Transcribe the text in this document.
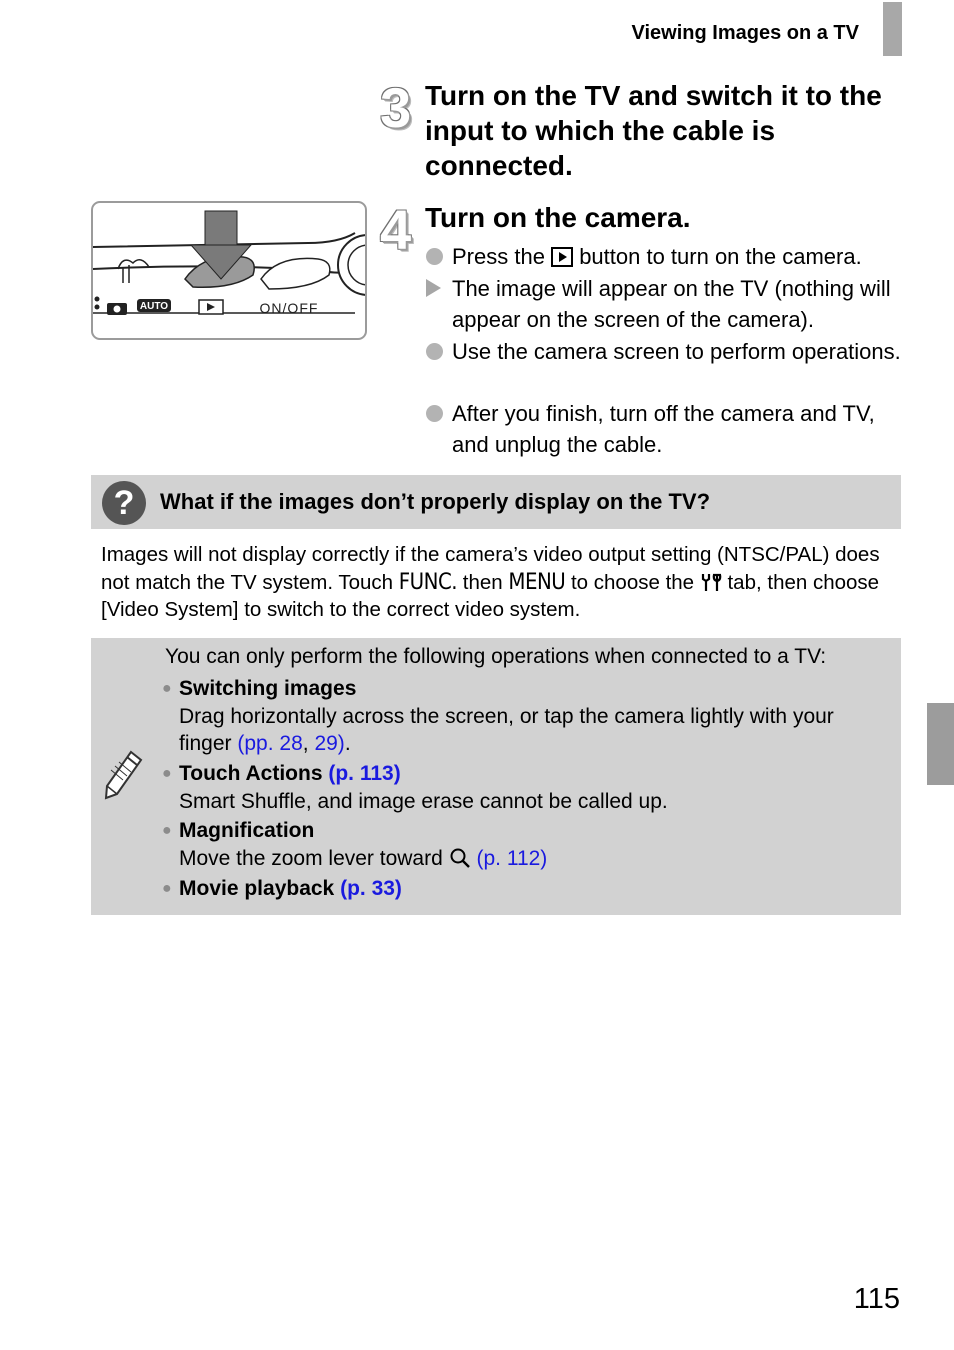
Viewing Images on a TV
3 Turn on the TV and switch it to the input to which the cable is connected.
AUTO	ON/OFF
4 Turn on the camera.
Press the button to turn on the camera.
The image will appear on the TV (nothing will appear on the screen of the camera).
Use the camera screen to perform operations.
After you finish, turn off the camera and TV, and unplug the cable.
?	What if the images don’t properly display on the TV?
Images will not display correctly if the camera’s video output setting (NTSC/PAL) does not match the TV system. Touch FUNC. then MENU to choose the tab, then choose [Video System] to switch to the correct video system.
You can only perform the following operations when connected to a TV:
● Switching images
Drag horizontally across the screen, or tap the camera lightly with your finger (pp. 28, 29).
● Touch Actions (p. 113)
Smart Shuffle, and image erase cannot be called up.
● Magnification
Move the zoom lever toward (p. 112)
● Movie playback (p. 33)
115
